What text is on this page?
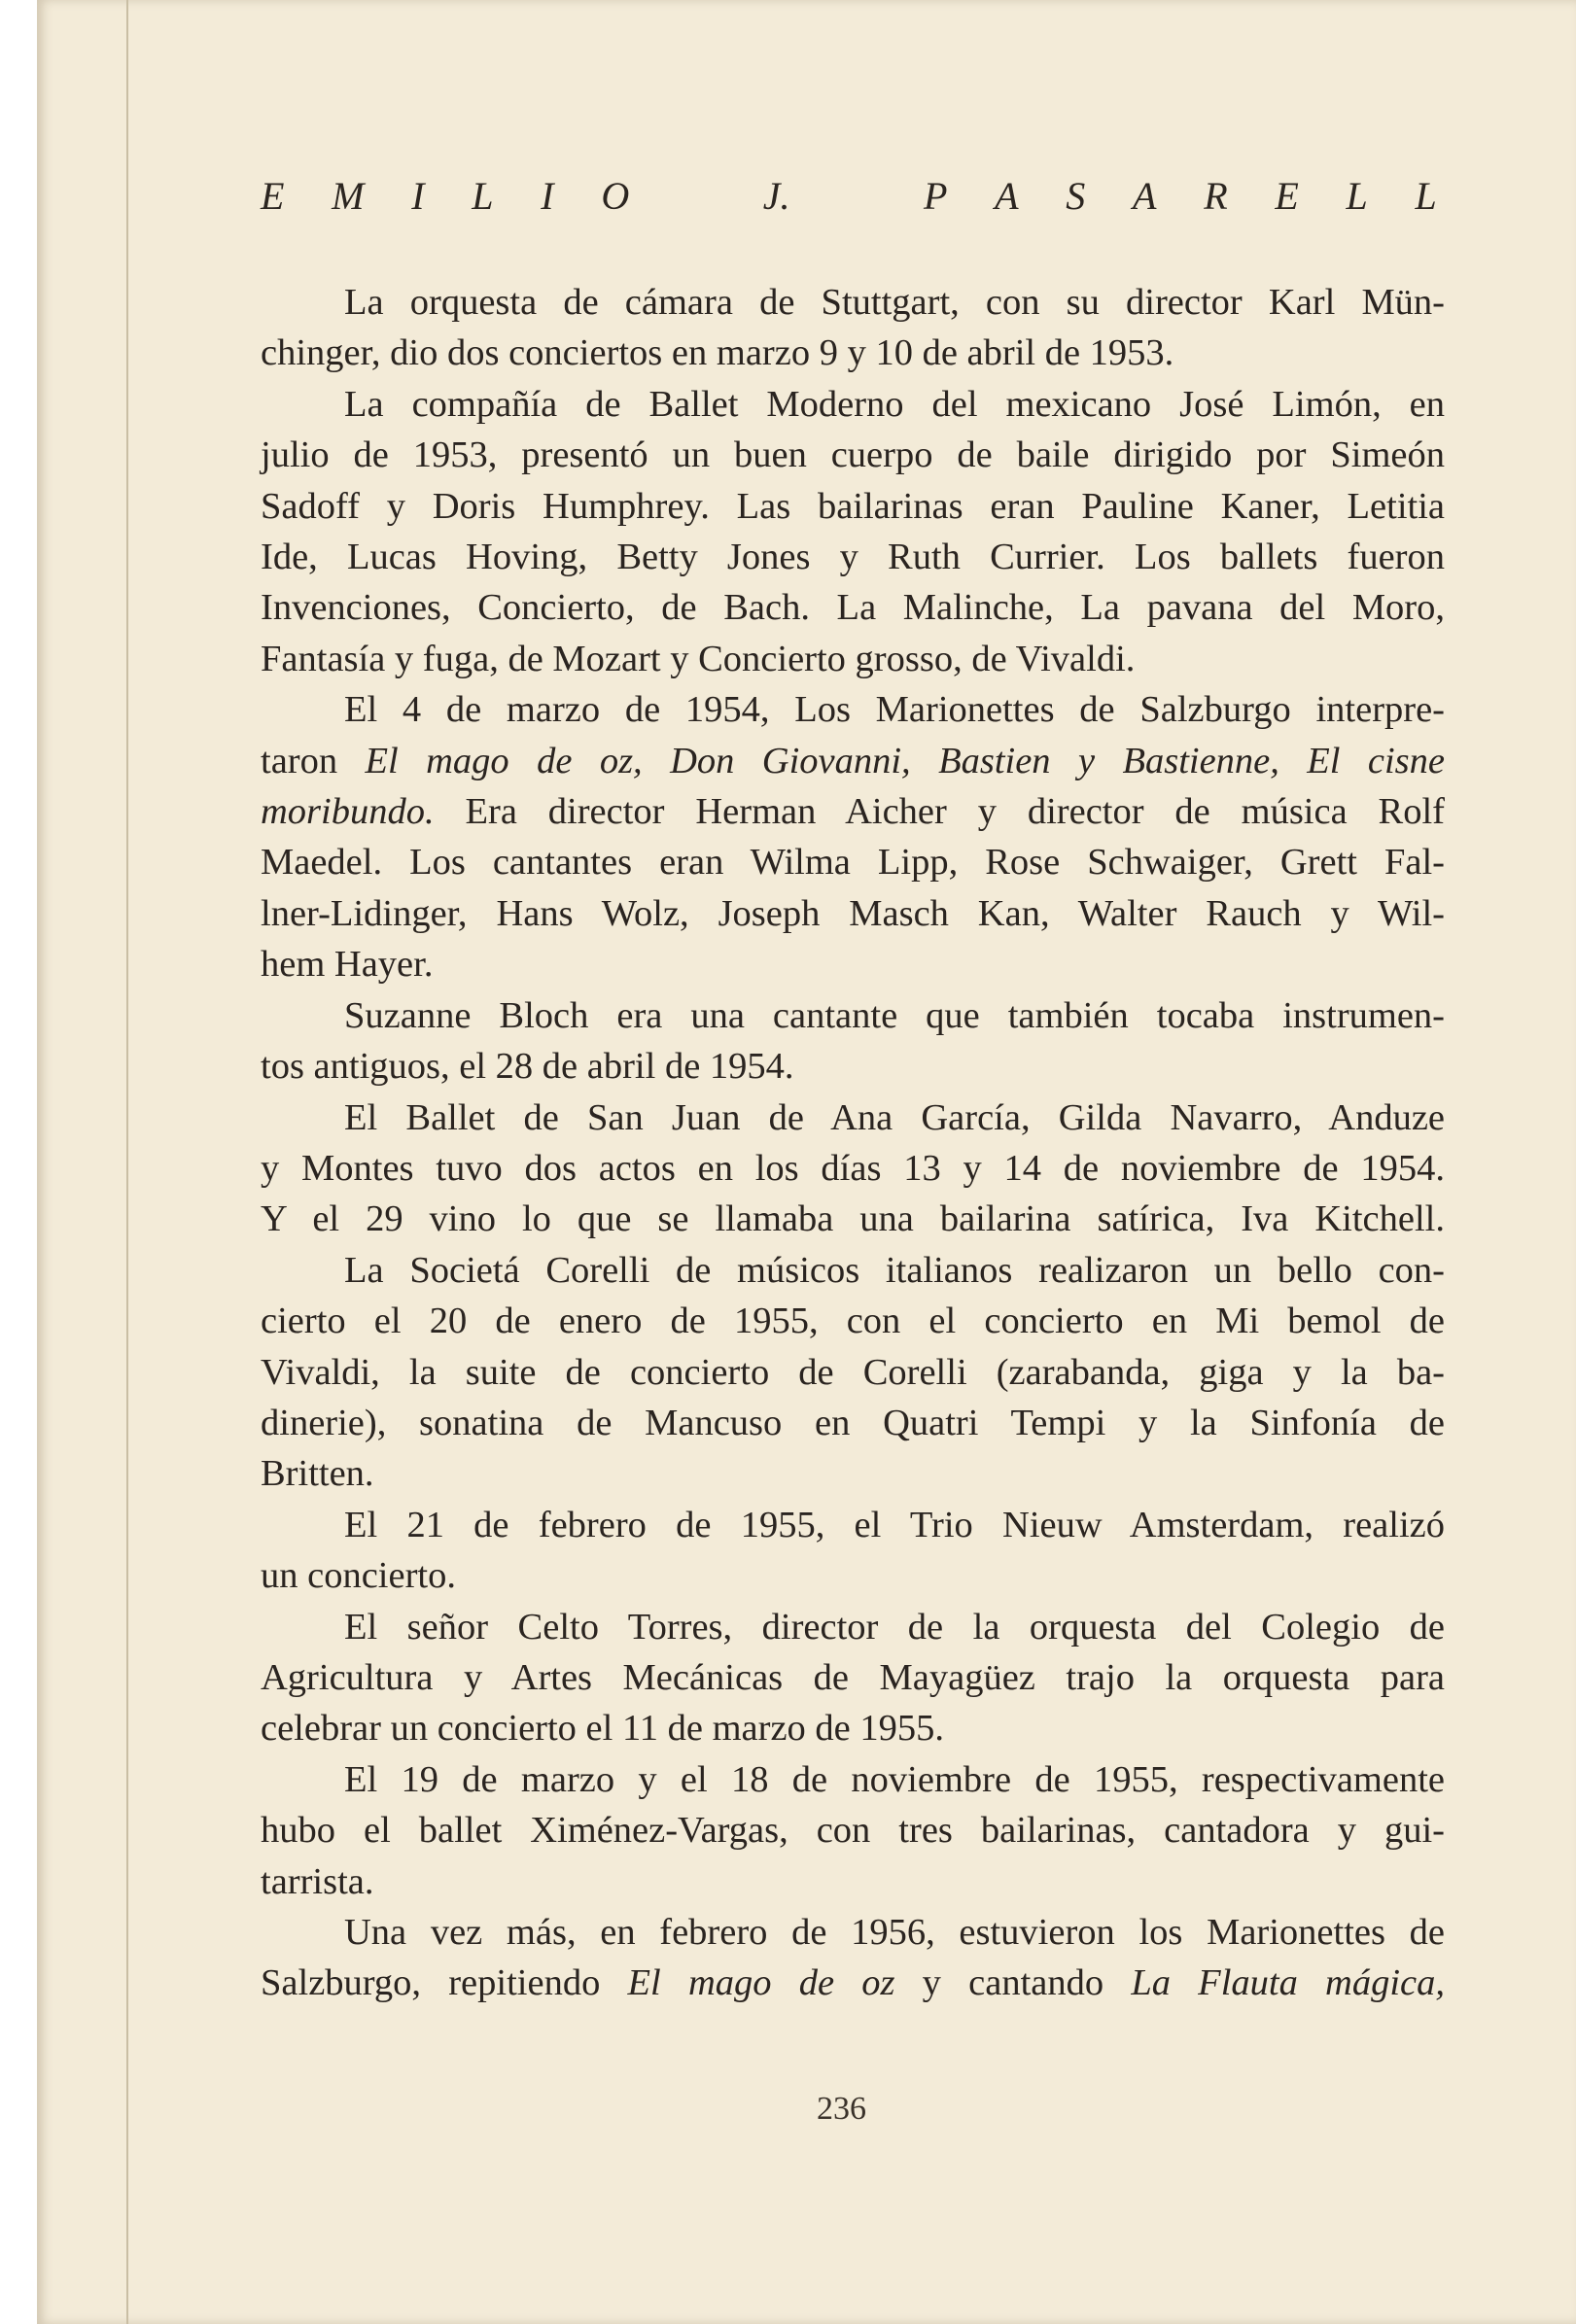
E M I L I O	J.	P A S A R E L L
La orquesta de cámara de Stuttgart, con su director Karl Mün-
chinger, dio dos conciertos en marzo 9 y 10 de abril de 1953.
La compañía de Ballet Moderno del mexicano José Limón, en
julio de 1953, presentó un buen cuerpo de baile dirigido por Simeón
Sadoff y Doris Humphrey. Las bailarinas eran Pauline Kaner, Letitia
Ide, Lucas Hoving, Betty Jones y Ruth Currier. Los ballets fueron
Invenciones, Concierto, de Bach. La Malinche, La pavana del Moro,
Fantasía y fuga, de Mozart y Concierto grosso, de Vivaldi.
El 4 de marzo de 1954, Los Marionettes de Salzburgo interpre-
taron El mago de oz, Don Giovanni, Bastien y Bastienne, El cisne
moribundo. Era director Herman Aicher y director de música Rolf
Maedel. Los cantantes eran Wilma Lipp, Rose Schwaiger, Grett Fal-
lner-Lidinger, Hans Wolz, Joseph Masch Kan, Walter Rauch y Wil-
hem Hayer.
Suzanne Bloch era una cantante que también tocaba instrumen-
tos antiguos, el 28 de abril de 1954.
El Ballet de San Juan de Ana García, Gilda Navarro, Anduze
y Montes tuvo dos actos en los días 13 y 14 de noviembre de 1954.
Y el 29 vino lo que se llamaba una bailarina satírica, Iva Kitchell.
La Societá Corelli de músicos italianos realizaron un bello con-
cierto el 20 de enero de 1955, con el concierto en Mi bemol de
Vivaldi, la suite de concierto de Corelli (zarabanda, giga y la ba-
dinerie), sonatina de Mancuso en Quatri Tempi y la Sinfonía de
Britten.
El 21 de febrero de 1955, el Trio Nieuw Amsterdam, realizó
un concierto.
El señor Celto Torres, director de la orquesta del Colegio de
Agricultura y Artes Mecánicas de Mayagüez trajo la orquesta para
celebrar un concierto el 11 de marzo de 1955.
El 19 de marzo y el 18 de noviembre de 1955, respectivamente
hubo el ballet Ximénez-Vargas, con tres bailarinas, cantadora y gui-
tarrista.
Una vez más, en febrero de 1956, estuvieron los Marionettes de
Salzburgo, repitiendo El mago de oz y cantando La Flauta mágica,
236
